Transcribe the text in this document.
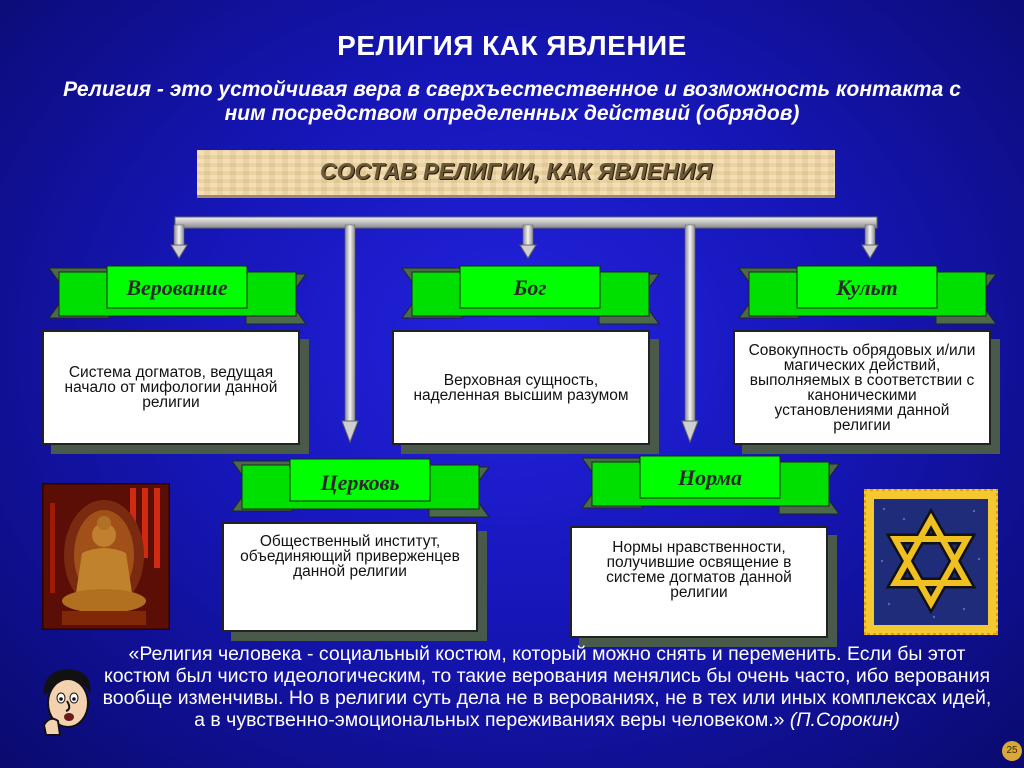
РЕЛИГИЯ КАК ЯВЛЕНИЕ
Религия - это устойчивая вера в сверхъестественное и возможность контакта с ним посредством определенных действий (обрядов)
СОСТАВ РЕЛИГИИ, КАК ЯВЛЕНИЯ
Верование
Система догматов, ведущая начало от мифологии данной религии
Бог
Верховная сущность, наделенная высшим разумом
Культ
Совокупность обрядовых и/или магических действий, выполняемых в соответствии с каноническими установлениями данной религии
Церковь
Общественный институт, объединяющий приверженцев данной религии
Норма
Нормы нравственности, получившие освящение в системе догматов данной религии
«Религия человека - социальный костюм, который можно снять и переменить. Если бы этот костюм был чисто идеологическим, то такие верования менялись бы очень часто, ибо верования вообще изменчивы. Но в религии суть дела не в верованиях, не в тех или иных комплексах идей, а в чувственно-эмоциональных переживаниях веры человеком.» (П.Сорокин)
25
